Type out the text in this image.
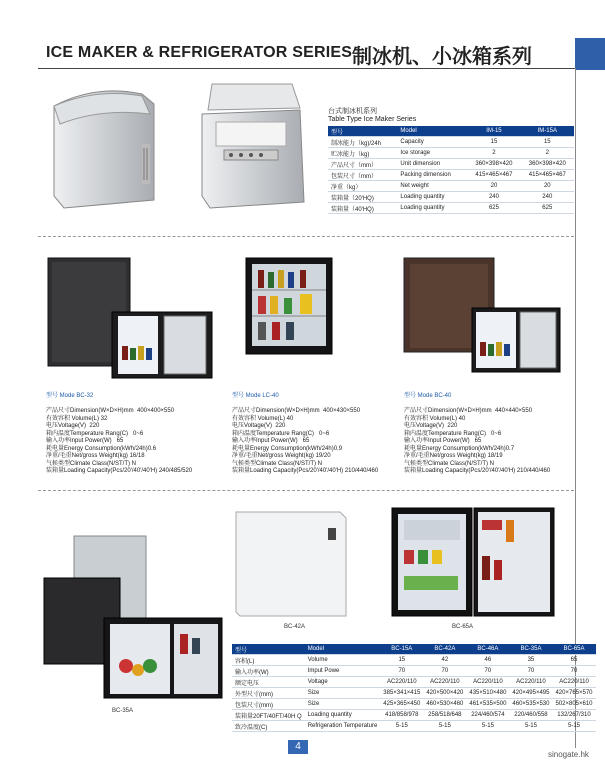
ICE MAKER & REFRIGERATOR SERIES 制冰机、小冰箱系列
台式制冰机系列
Table Type Ice Maker Series
型号	Model	IM-15	IM-15A
制冰能力（kg)/24h	Capacity	15	15
贮冰能力（kg)	Ice storage	2	2
产品尺寸（mm）	Unit dimension	360×398×420	360×398×420
包装尺寸（mm）	Packing dimension	415×465×467	415×465×467
净重（kg）	Net weight	20	20
装箱量（20'HQ)	Loading quantity	240	240
装箱量（40'HQ)	Loading quantity	625	625
型号 Mode BC-32	型号 Mode LC-40	型号 Mode BC-40
产品尺寸Dimension(W×D×H)mm  400×400×550
有效容积 Volume(L) 32
电压Voltage(V)  220
箱内温度Temperature Rang(C)   0~6
输入功率Input Power(W)   65
耗电量Energy Consumption(kWh/24h)0.6
净重/毛重Net/gross Weight(kg) 16/18
气候类型Climate Class(N/ST/T) N
装箱量Loading Capacity(Pcs/20'/40'/40'H) 240/485/520
产品尺寸Dimension(W×D×H)mm  400×430×550
有效容积 Volume(L) 40
电压Voltage(V)  220
箱内温度Temperature Rang(C)   0~6
输入功率Input Power(W)   65
耗电量Energy Consumption(kWh/24h)0.9
净重/毛重Net/gross Weight(kg) 19/20
气候类型Climate Class(N/ST/T) N
装箱量Loading Capacity(Pcs/20'/40'/40'H) 210/440/460
产品尺寸Dimension(W×D×H)mm  440×440×550
有效容积 Volume(L) 40
电压Voltage(V)  220
箱内温度Temperature Rang(C)   0~6
输入功率Input Power(W)   65
耗电量Energy Consumption(kWh/24h)0.7
净重/毛重Net/gross Weight(kg) 18/19
气候类型Climate Class(N/ST/T) N
装箱量Loading Capacity(Pcs/20'/40'/40'H) 210/440/460
BC-42A	BC-65A
BC-35A
型号	Model	BC-15A	BC-42A	BC-46A	BC-35A	BC-65A
容积(L)	Volume	15	42	46	35	65
输入功率(W)	Imput Powe	70	70	70	70	70
额定电压	Voltage	AC220/110	AC220/110	AC220/110	AC220/110	AC220/110
外型尺寸(mm)	Size	385×341×415	420×500×420	435×510×480	420×495×495	420×765×570
包装尺寸(mm)	Size	425×365×450	460×530×460	461×535×500	460×535×530	502×805×610
装箱量20FT/40FT/40H Q	Loading quantity	418/858/978	258/518/648	224/460/574	220/460/558	132/267/310
致冷温度(C)	Refrigeration Temperature	5-15	5-15	5-15	5-15	5-15
4
sinogate.hk
